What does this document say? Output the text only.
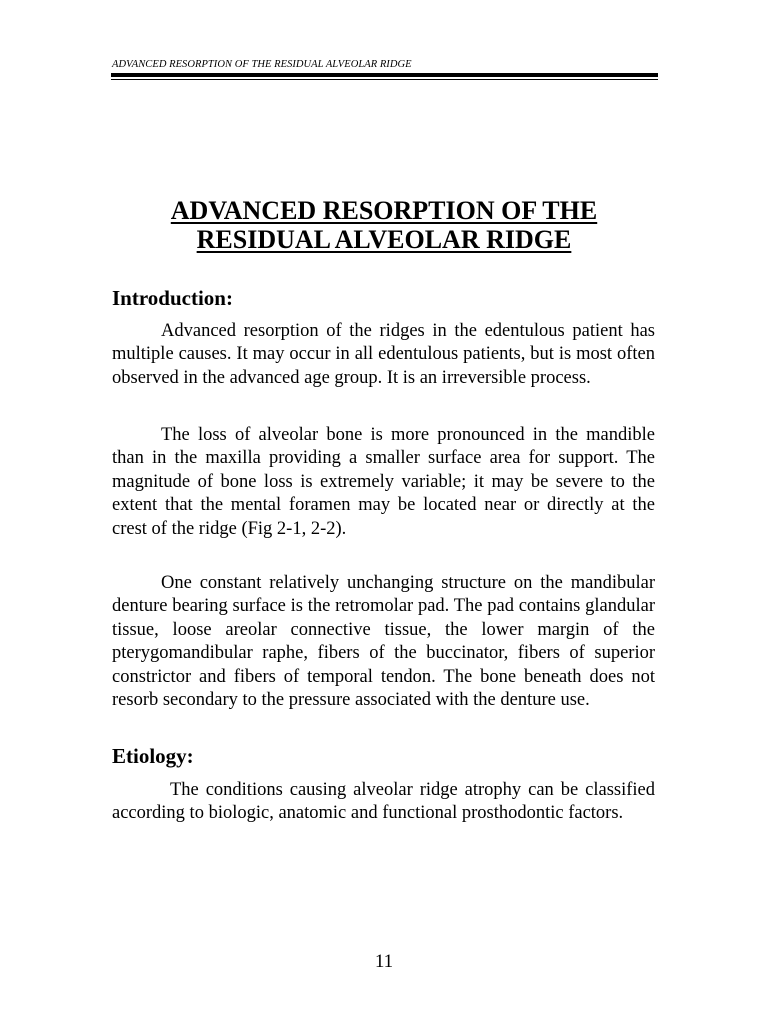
ADVANCED RESORPTION OF THE RESIDUAL ALVEOLAR RIDGE
ADVANCED RESORPTION OF THE
RESIDUAL ALVEOLAR RIDGE
Introduction:

Advanced resorption of the ridges in the edentulous patient has multiple causes. It may occur in all edentulous patients, but is most often observed in the advanced age group. It is an irreversible process.

The loss of alveolar bone is more pronounced in the mandible than in the maxilla providing a smaller surface area for support. The magnitude of bone loss is extremely variable; it may be severe to the extent that the mental foramen may be located near or directly at the crest of the ridge (Fig 2-1, 2-2).

One constant relatively unchanging structure on the mandibular denture bearing surface is the retromolar pad. The pad contains glandular tissue, loose areolar connective tissue, the lower margin of the pterygomandibular raphe, fibers of the buccinator, fibers of superior constrictor and fibers of temporal tendon. The bone beneath does not resorb secondary to the pressure associated with the denture use.

Etiology:

The conditions causing alveolar ridge atrophy can be classified according to biologic, anatomic and functional prosthodontic factors.

11
